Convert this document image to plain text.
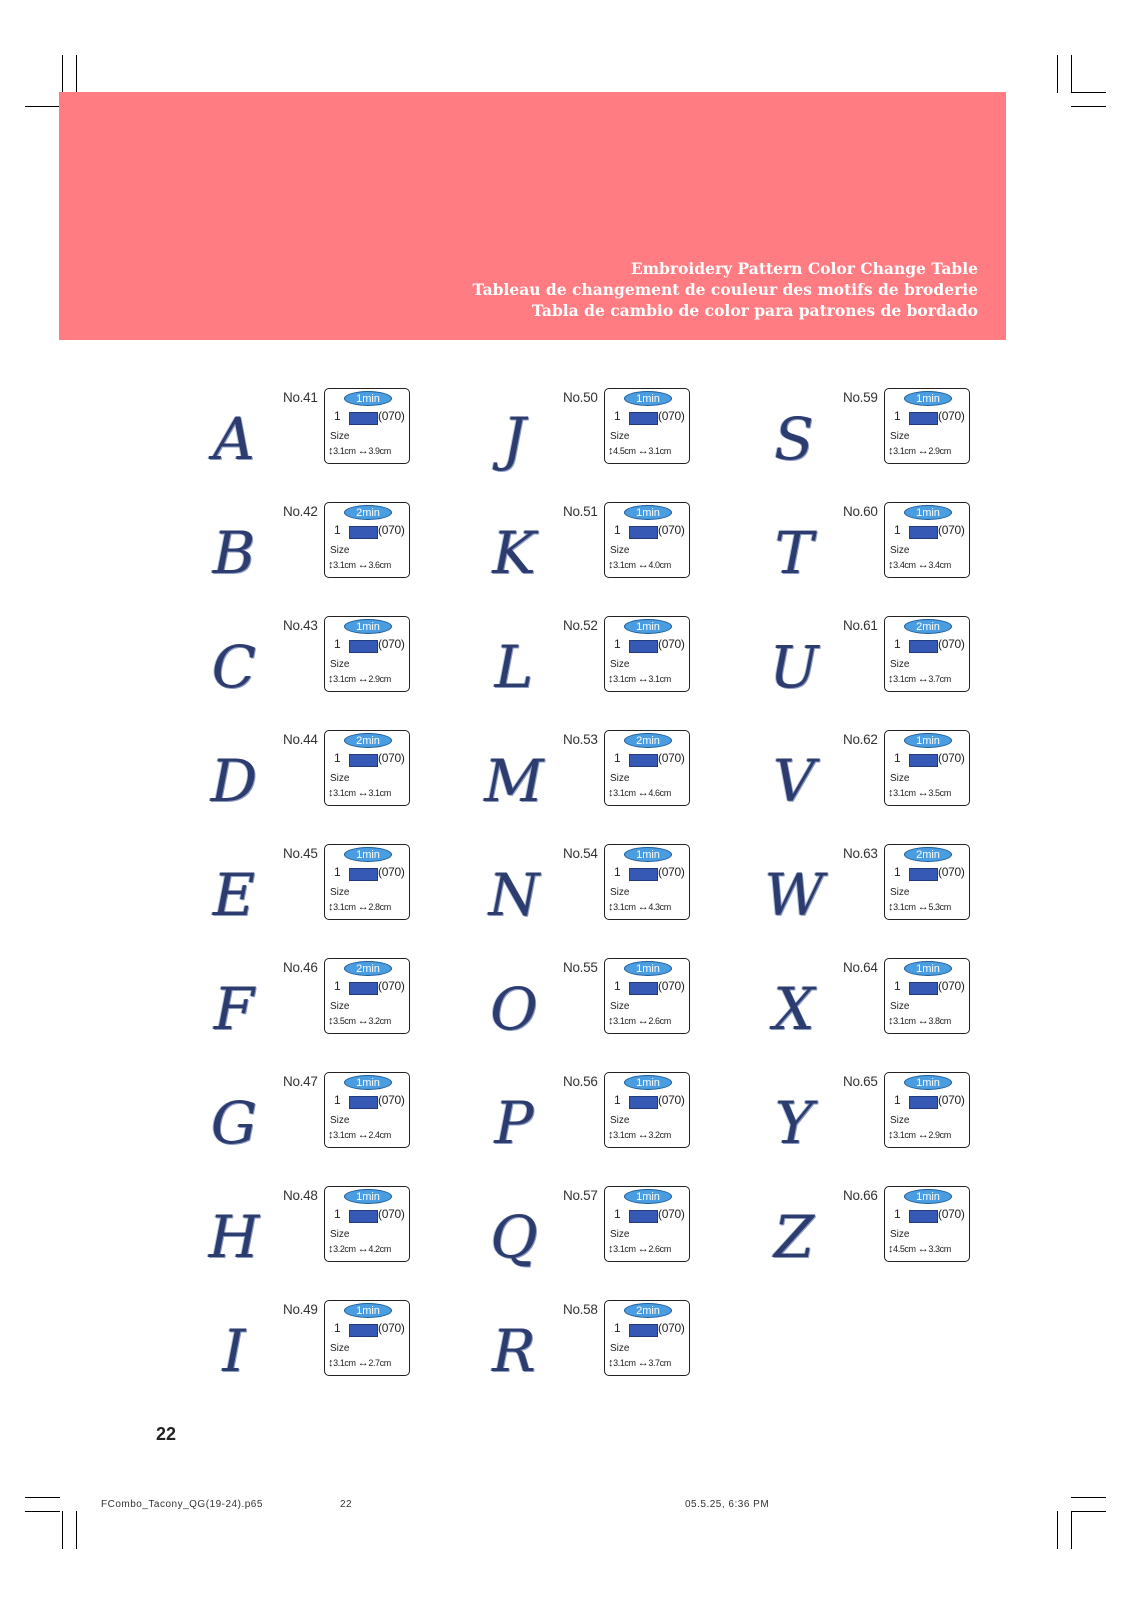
Embroidery Pattern Color Change Table
Tableau de changement de couleur des motifs de broderie
Tabla de cambio de color para patrones de bordado
A
No.41	1min
1	(070)
Size
↕3.1cm ↔3.9cm
B
No.42	2min
1	(070)
Size
↕3.1cm ↔3.6cm
C
No.43	1min
1	(070)
Size
↕3.1cm ↔2.9cm
D
No.44	2min
1	(070)
Size
↕3.1cm ↔3.1cm
E
No.45	1min
1	(070)
Size
↕3.1cm ↔2.8cm
F
No.46	2min
1	(070)
Size
↕3.5cm ↔3.2cm
G
No.47	1min
1	(070)
Size
↕3.1cm ↔2.4cm
H
No.48	1min
1	(070)
Size
↕3.2cm ↔4.2cm
I
No.49	1min
1	(070)
Size
↕3.1cm ↔2.7cm
J
No.50	1min
1	(070)
Size
↕4.5cm ↔3.1cm
K
No.51	1min
1	(070)
Size
↕3.1cm ↔4.0cm
L
No.52	1min
1	(070)
Size
↕3.1cm ↔3.1cm
M
No.53	2min
1	(070)
Size
↕3.1cm ↔4.6cm
N
No.54	1min
1	(070)
Size
↕3.1cm ↔4.3cm
O
No.55	1min
1	(070)
Size
↕3.1cm ↔2.6cm
P
No.56	1min
1	(070)
Size
↕3.1cm ↔3.2cm
Q
No.57	1min
1	(070)
Size
↕3.1cm ↔2.6cm
R
No.58	2min
1	(070)
Size
↕3.1cm ↔3.7cm
S
No.59	1min
1	(070)
Size
↕3.1cm ↔2.9cm
T
No.60	1min
1	(070)
Size
↕3.4cm ↔3.4cm
U
No.61	2min
1	(070)
Size
↕3.1cm ↔3.7cm
V
No.62	1min
1	(070)
Size
↕3.1cm ↔3.5cm
W
No.63	2min
1	(070)
Size
↕3.1cm ↔5.3cm
X
No.64	1min
1	(070)
Size
↕3.1cm ↔3.8cm
Y
No.65	1min
1	(070)
Size
↕3.1cm ↔2.9cm
Z
No.66	1min
1	(070)
Size
↕4.5cm ↔3.3cm
22
FCombo_Tacony_QG(19-24).p65	22	05.5.25, 6:36 PM
